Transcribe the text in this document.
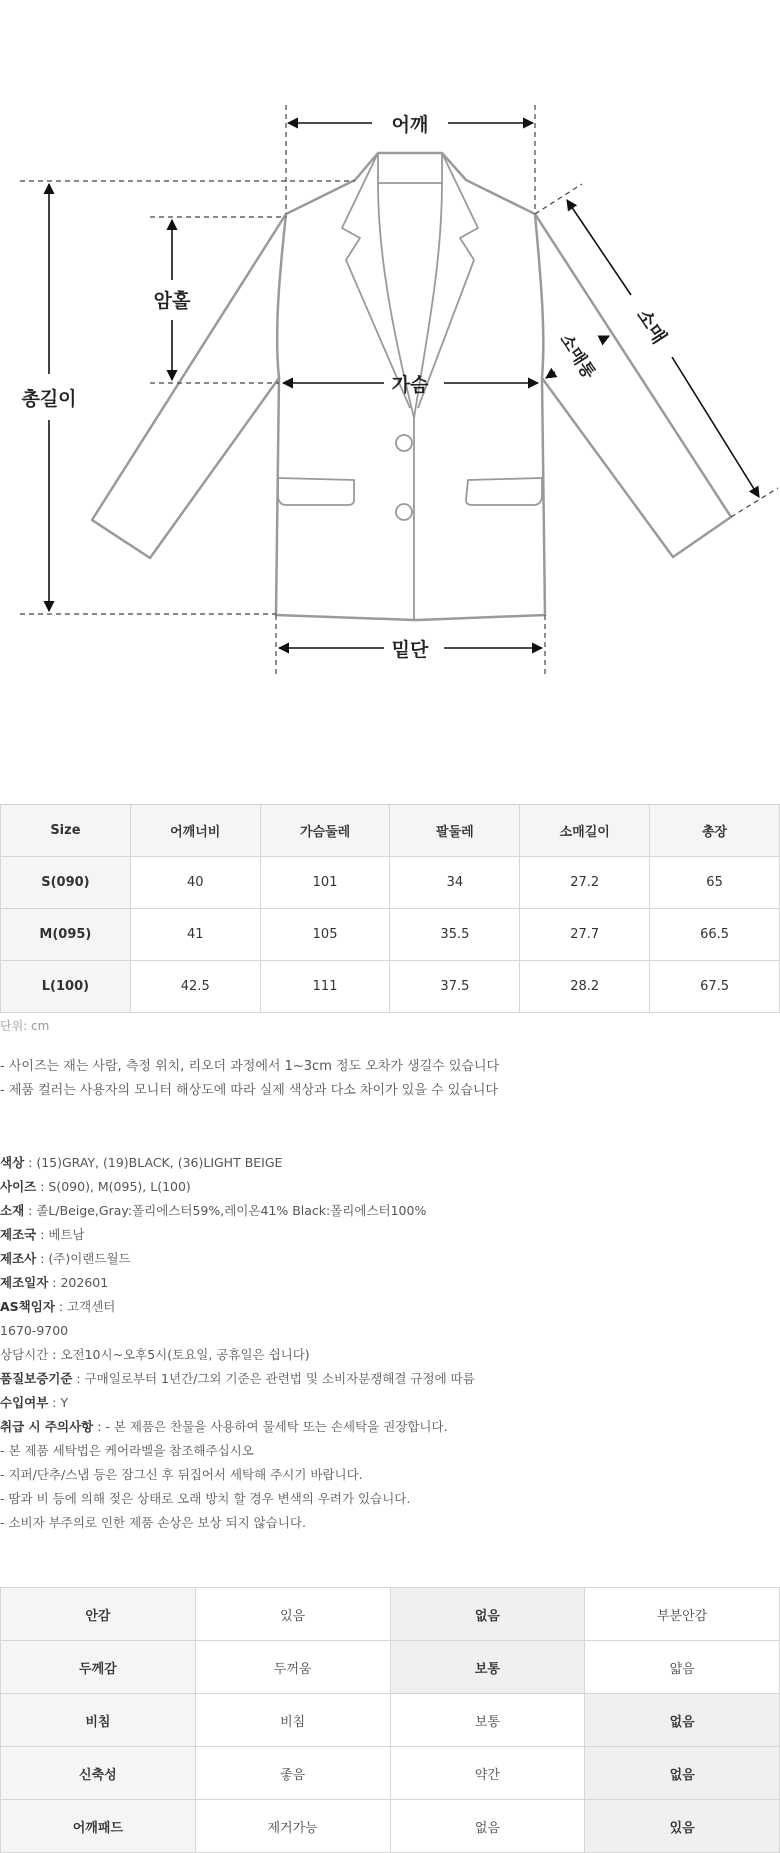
어깨
암홀
총길이
가슴
밑단
소매
소매통
Size	어깨너비	가슴둘레	팔둘레	소매길이	총장
S(090)	40	101	34	27.2	65
M(095)	41	105	35.5	27.7	66.5
L(100)	42.5	111	37.5	28.2	67.5
단위: cm
- 사이즈는 재는 사람, 측정 위치, 리오더 과정에서 1~3cm 정도 오차가 생길수 있습니다
- 제품 컬러는 사용자의 모니터 해상도에 따라 실제 색상과 다소 차이가 있을 수 있습니다
색상 : (15)GRAY, (19)BLACK, (36)LIGHT BEIGE
사이즈 : S(090), M(095), L(100)
소재 : 졸L/Beige,Gray:폴리에스터59%,레이온41% Black:폴리에스터100%
제조국 : 베트남
제조사 : (주)이랜드월드
제조일자 : 202601
AS책임자 : 고객센터
1670-9700
상담시간 : 오전10시~오후5시(토요일, 공휴일은 쉽니다)
품질보증기준 : 구매일로부터 1년간/그외 기준은 관련법 및 소비자분쟁해결 규정에 따름
수입여부 : Y
취급 시 주의사항 : - 본 제품은 찬물을 사용하여 물세탁 또는 손세탁을 권장합니다.
- 본 제품 세탁법은 케어라벨을 참조해주십시오
- 지퍼/단추/스냅 등은 잠그신 후 뒤집어서 세탁해 주시기 바랍니다.
- 땀과 비 등에 의해 젖은 상태로 오래 방치 할 경우 변색의 우려가 있습니다.
- 소비자 부주의로 인한 제품 손상은 보상 되지 않습니다.
안감	있음	없음	부분안감
두께감	두꺼움	보통	얇음
비침	비침	보통	없음
신축성	좋음	약간	없음
어깨패드	제거가능	없음	있음
